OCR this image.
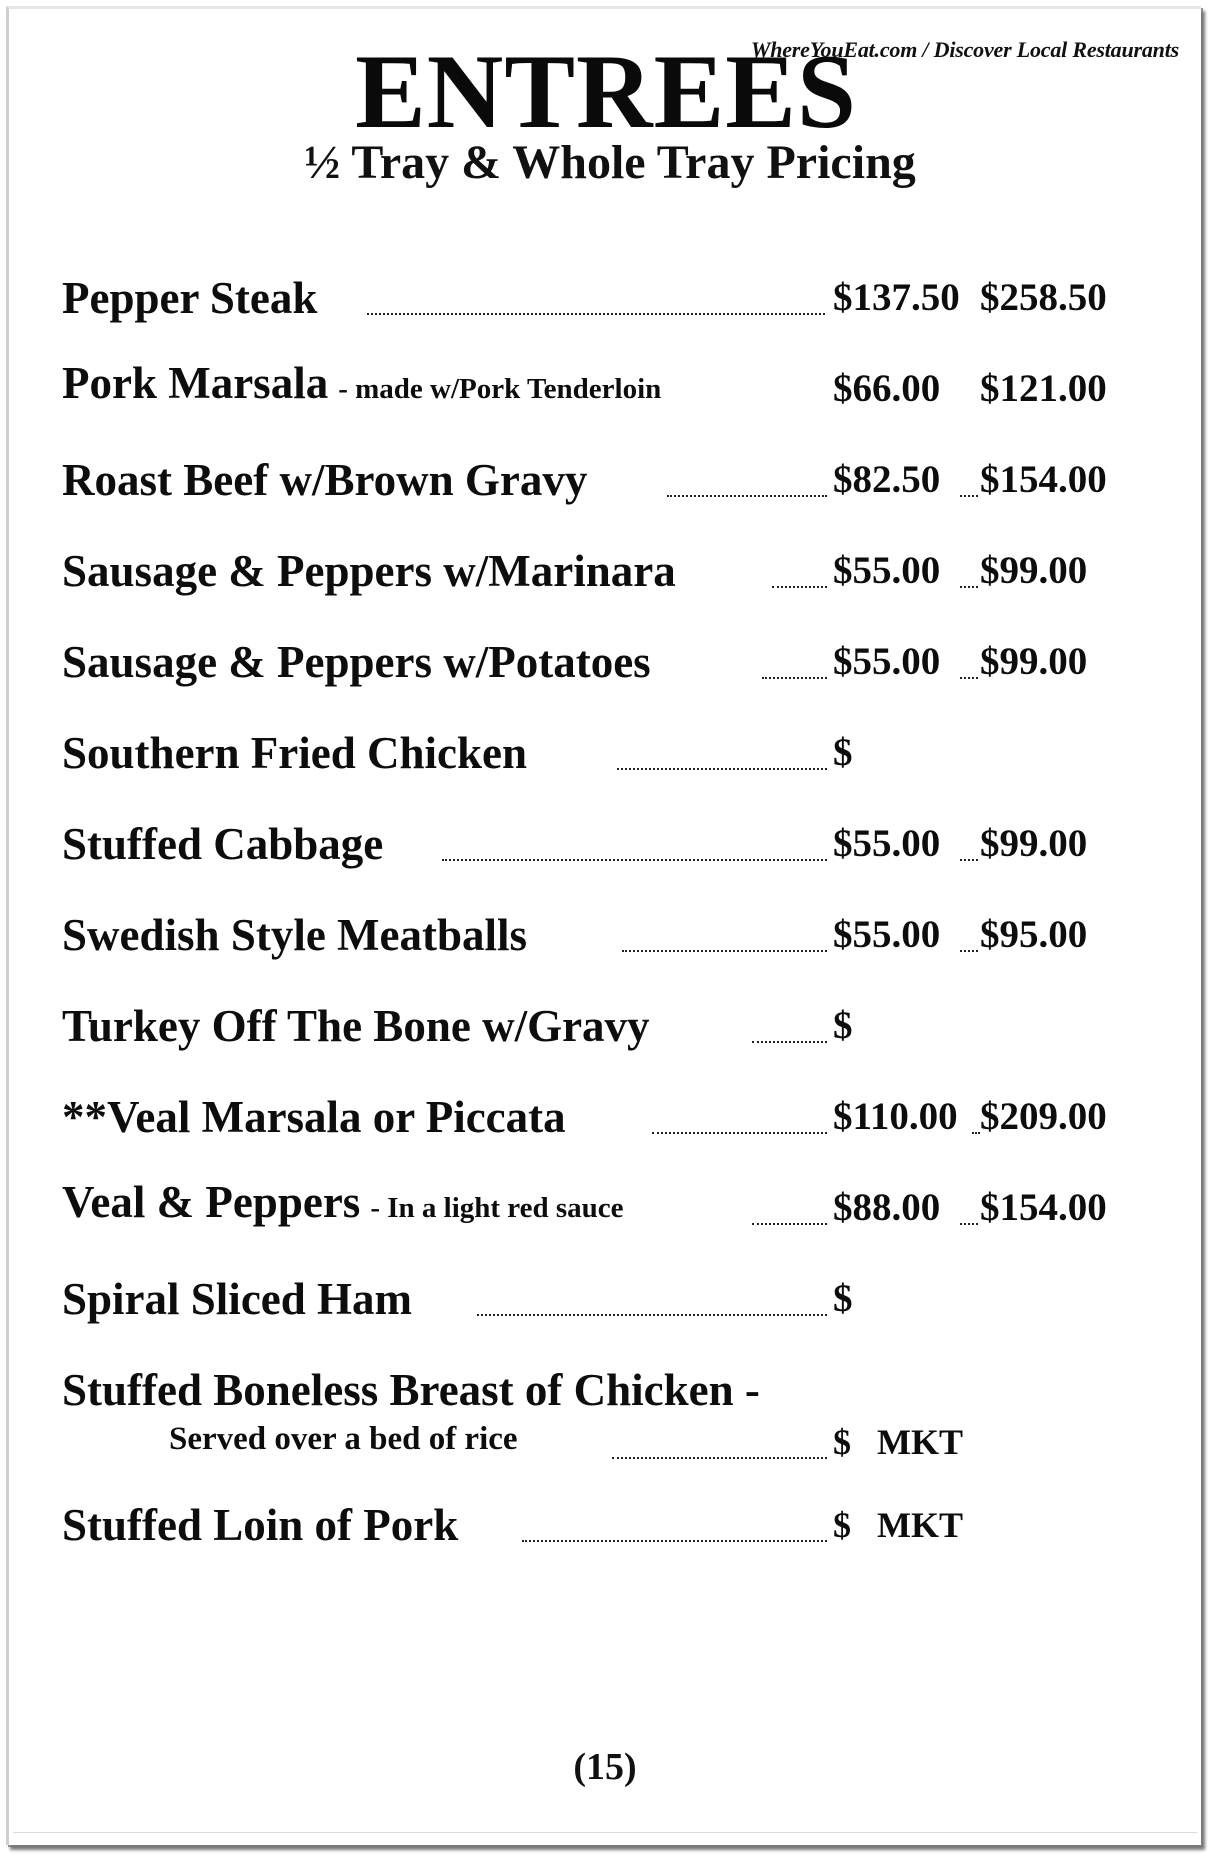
WhereYouEat.com / Discover Local Restaurants
ENTREES
½ Tray & Whole Tray Pricing
Pepper Steak	$137.50 $258.50
Pork Marsala - made w/Pork Tenderloin	$66.00 $121.00
Roast Beef w/Brown Gravy	$82.50 $154.00
Sausage & Peppers w/Marinara	$55.00 $99.00
Sausage & Peppers w/Potatoes	$55.00 $99.00
Southern Fried Chicken	$
Stuffed Cabbage	$55.00 $99.00
Swedish Style Meatballs	$55.00 $95.00
Turkey Off The Bone w/Gravy	$
**Veal Marsala or Piccata	$110.00 $209.00
Veal & Peppers - In a light red sauce	$88.00 $154.00
Spiral Sliced Ham	$
Stuffed Boneless Breast of Chicken -
Served over a bed of rice	$ MKT
Stuffed Loin of Pork	$ MKT
(15)
